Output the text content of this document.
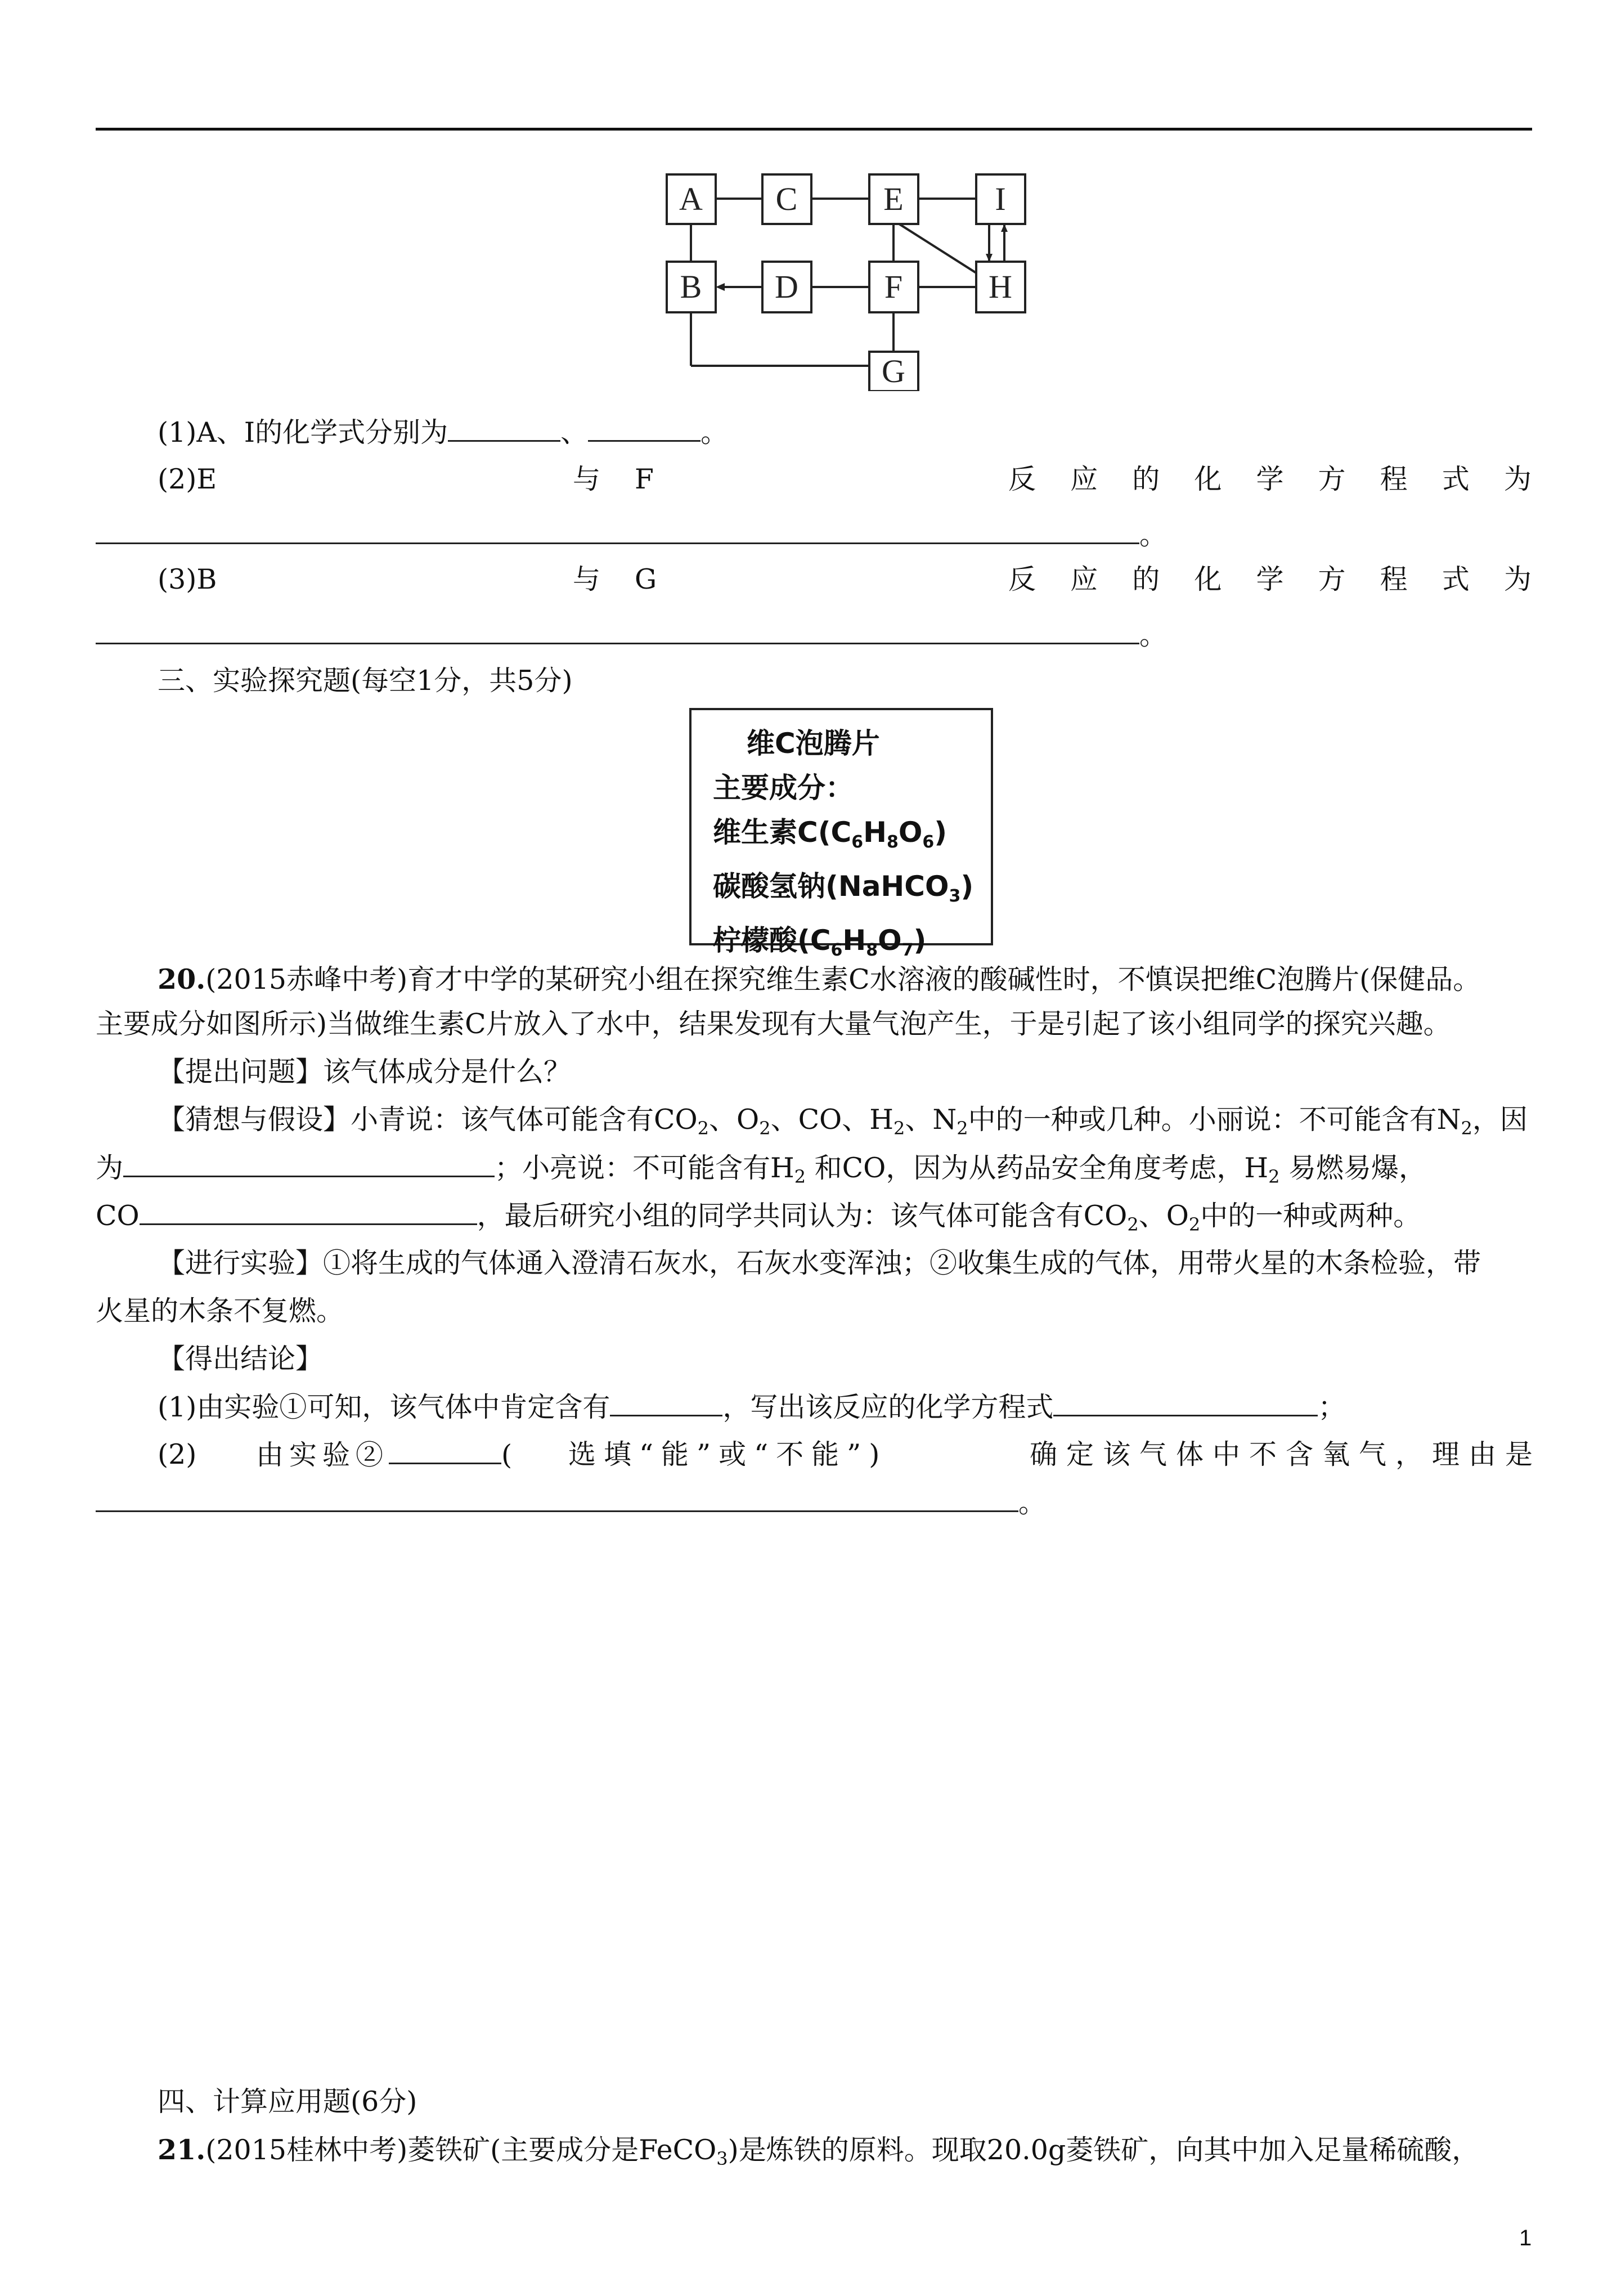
A C	E	I
B D	F	H
G
(1)A、I的化学式分别为	、	。
(2)E	与 F	反 应 的 化 学 方 程 式 为
。
(3)B	与 G	反 应 的 化 学 方 程 式 为
。
三、实验探究题(每空1分，共5分)
维C泡腾片
主要成分：
维生素$C(C_6H_8O_6)$
碳酸氢钠(NaHCO$_3$)
柠檬酸$(C_6H_8O_7)$
20.(2015赤峰中考)育才中学的某研究小组在探究维生素C水溶液的酸碱性时，不慎误把维C泡腾片(保健品。
主要成分如图所示)当做维生素C片放入了水中，结果发现有大量气泡产生，于是引起了该小组同学的探究兴趣。
【提出问题】该气体成分是什么？
【猜想与假设】小青说：该气体可能含有$CO_2$、$O_2$、CO、$H_2$、$N_2$中的一种或几种。小丽说：不可能含有$N_2$，因
为	；小亮说：不可能含有$H_2$ 和CO，因为从药品安全角度考虑，$H_2$ 易燃易爆，
CO	，最后研究小组的同学共同认为：该气体可能含有$CO_2$、$O_2$中的一种或两种。
【进行实验】①将生成的气体通入澄清石灰水，石灰水变浑浊；②收集生成的气体，用带火星的木条检验，带
火星的木条不复燃。
【得出结论】
(1)由实验①可知，该气体中肯定含有	，写出该反应的化学方程式	；
(2) 由实验②	( 选填“能”或“不能”)	确定该气体中不含氧气，理由是
。
四、计算应用题(6分)
21.(2015桂林中考)菱铁矿(主要成分是FeCO$_3$)是炼铁的原料。现取20.0g菱铁矿，向其中加入足量稀硫酸，
1
